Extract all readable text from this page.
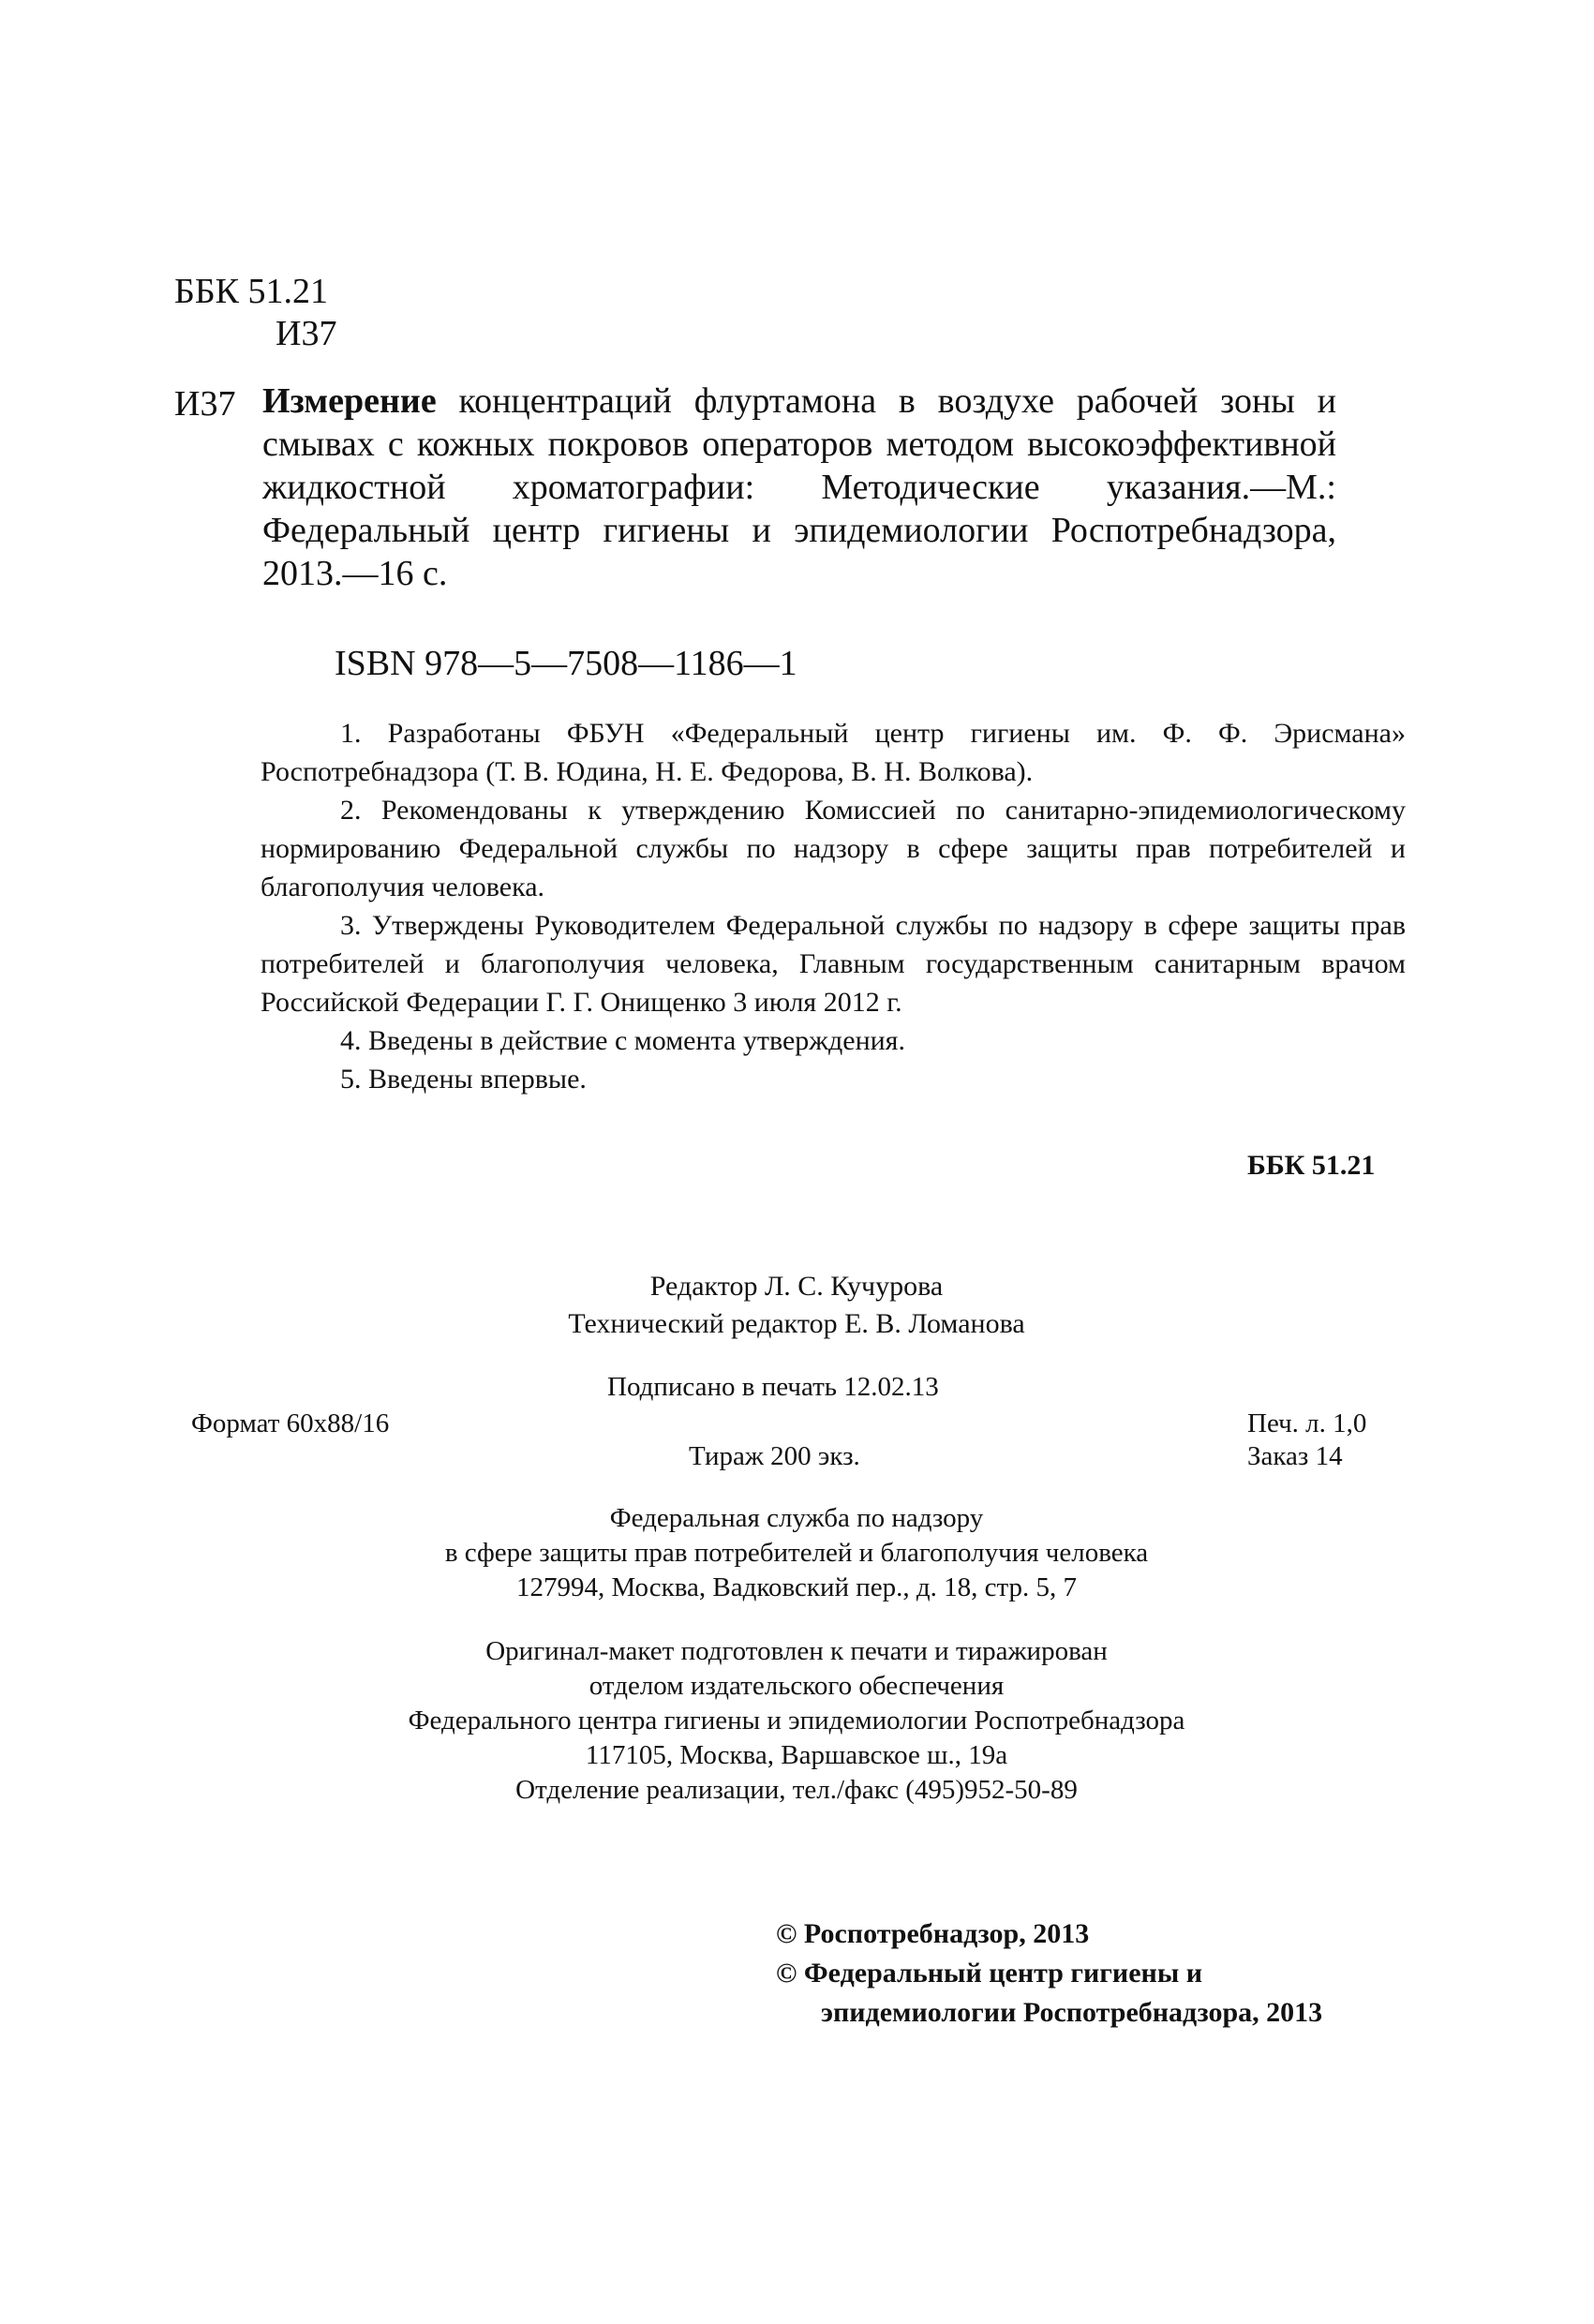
ББК 51.21
И37
И37 Измерение концентраций флуртамона в воздухе рабочей зоны и смывах с кожных покровов операторов методом высокоэффективной жидкостной хроматографии: Методические указания.—М.: Федеральный центр гигиены и эпидемиологии Роспотребнадзора, 2013.—16 с.
ISBN 978—5—7508—1186—1

1. Разработаны ФБУН «Федеральный центр гигиены им. Ф. Ф. Эрисмана» Роспотребнадзора (Т. В. Юдина, Н. Е. Федорова, В. Н. Волкова).

2. Рекомендованы к утверждению Комиссией по санитарно-эпидемиологическому нормированию Федеральной службы по надзору в сфере защиты прав потребителей и благополучия человека.

3. Утверждены Руководителем Федеральной службы по надзору в сфере защиты прав потребителей и благополучия человека, Главным государственным санитарным врачом Российской Федерации Г. Г. Онищенко 3 июля 2012 г.

4. Введены в действие с момента утверждения.

5. Введены впервые.

ББК 51.21
Редактор Л. С. Кучурова
Технический редактор Е. В. Ломанова
Подписано в печать 12.02.13
Формат 60x88/16	Печ. л. 1,0
Тираж 200 экз.	Заказ 14
Федеральная служба по надзору
в сфере защиты прав потребителей и благополучия человека
127994, Москва, Вадковский пер., д. 18, стр. 5, 7
Оригинал-макет подготовлен к печати и тиражирован
отделом издательского обеспечения
Федерального центра гигиены и эпидемиологии Роспотребнадзора
117105, Москва, Варшавское ш., 19а
Отделение реализации, тел./факс (495)952-50-89
© Роспотребнадзор, 2013
© Федеральный центр гигиены и
эпидемиологии Роспотребнадзора, 2013
